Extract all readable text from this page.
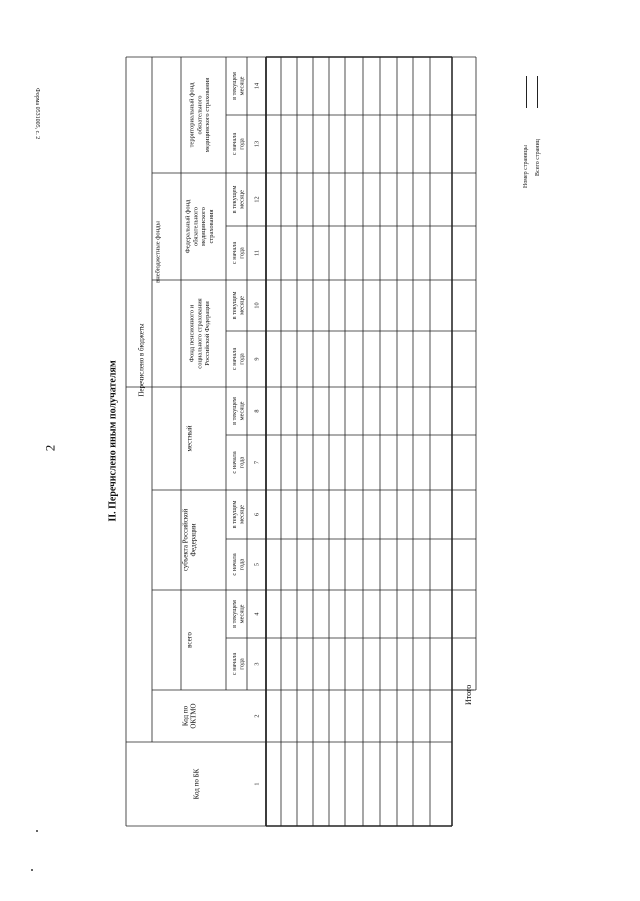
2
Форма 0531005, с. 2
II. Перечислено иным получателям
Код по БК
Код поОКТМО
Перечислено в бюджеты
всего
субъекта РоссийскойФедерации
местный
внебюджетные фонды
Фонд пенсионного исоциального страхованияРоссийской Федерации
Федеральный фондобязательногомедицинскогострахования
территориальный фондобязательногомедицинского страхования
с началагода
в текущеммесяце
с началагода
в текущеммесяце
с началагода
в текущеммесяце
с началагода
в текущеммесяце
с началагода
в текущеммесяце
с началагода
в текущеммесяце
1
2
3
4
5
6
7
8
9
10
11
12
13
14
Итого
Номер страницы Всего страниц
